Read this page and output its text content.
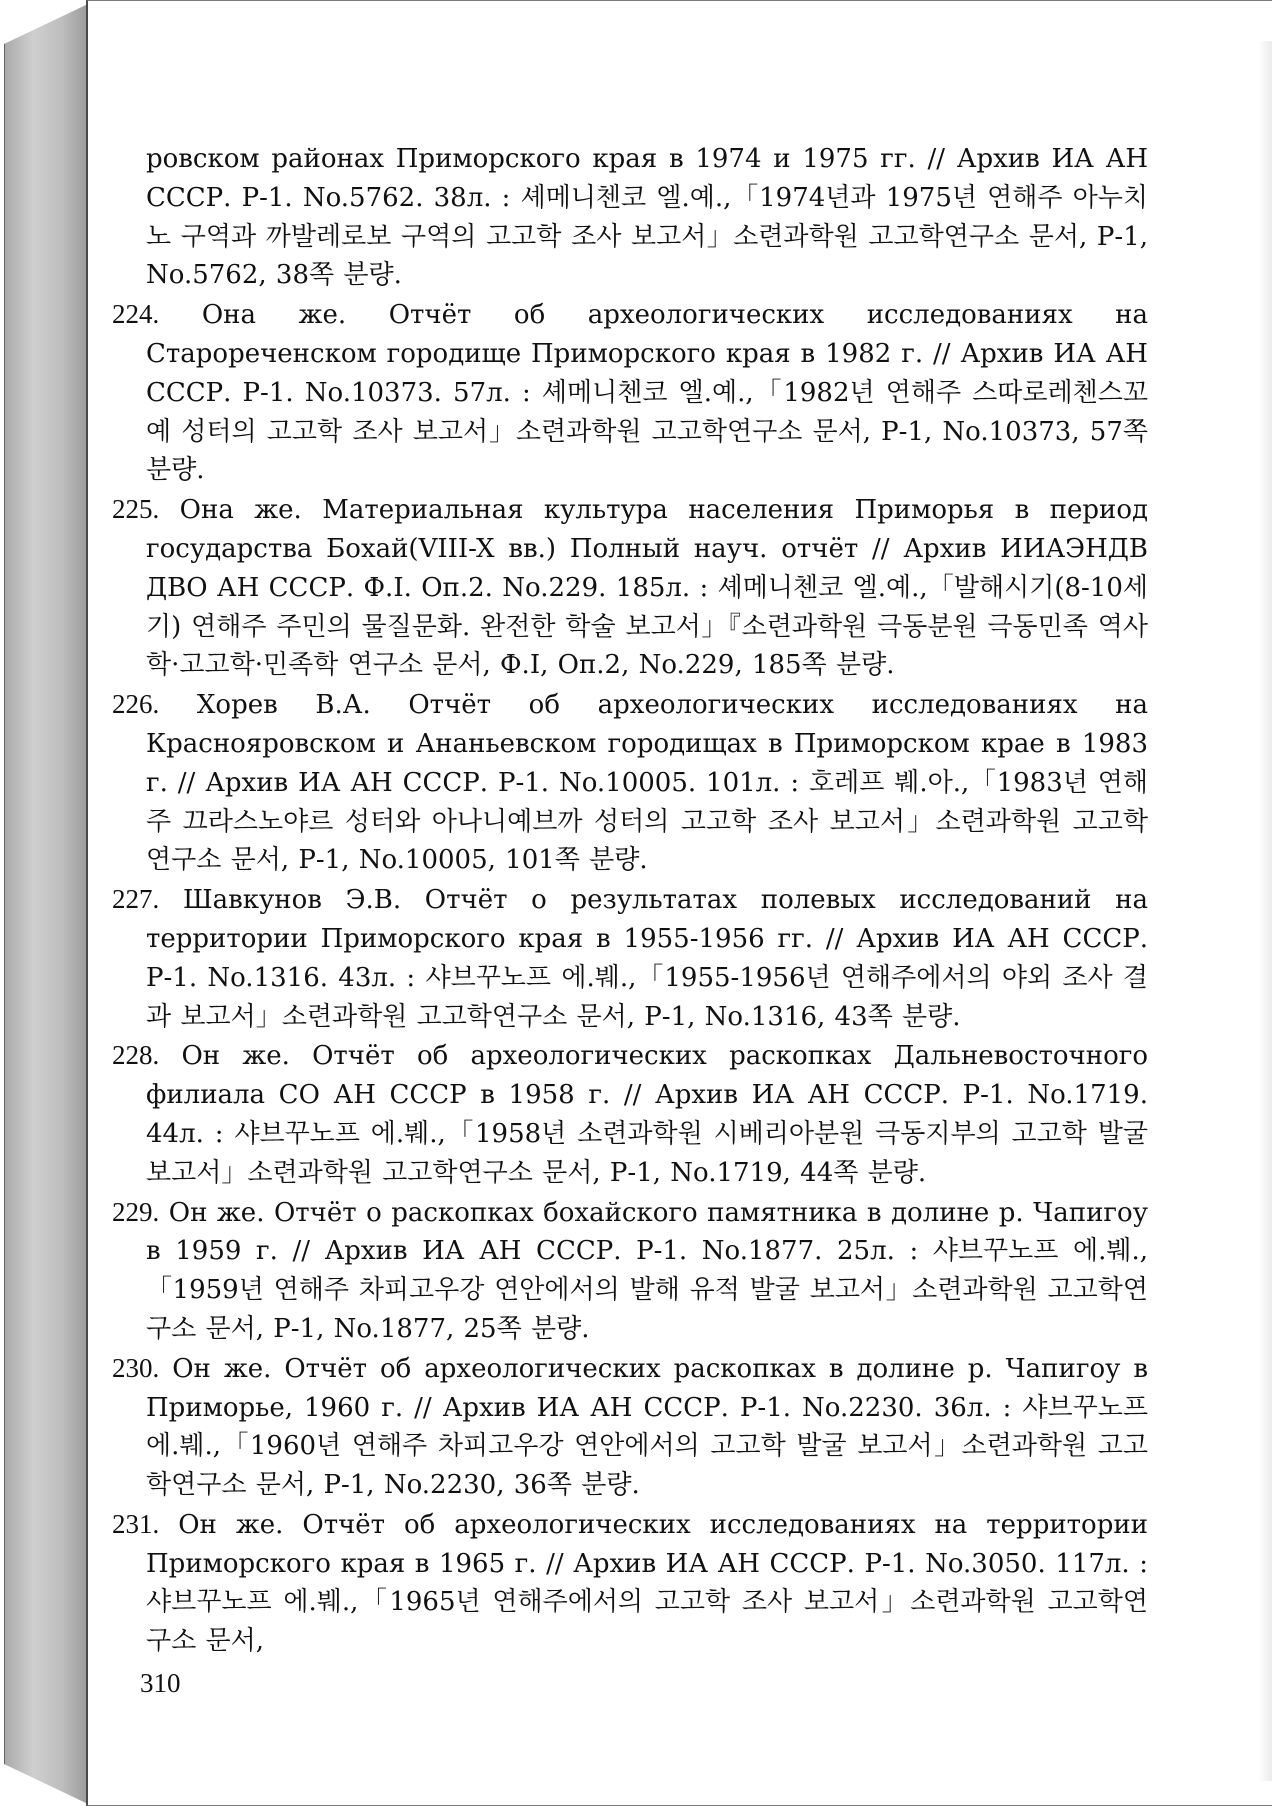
ровском районах Приморского края в 1974 и 1975 гг. // Архив ИА АН СССР. Р-1. No.5762. 38л. : 셰메니첸코 엘.예.,「1974년과 1975년 연해주 아누치노 구역과 까발레로보 구역의 고고학 조사 보고서」소련과학원 고고학연구소 문서, Р-1, No.5762, 38쪽 분량.

224. Она же. Отчёт об археологических исследованиях на Старореченском городище Приморского края в 1982 г. // Архив ИА АН СССР. Р-1. No.10373. 57л. : 셰메니첸코 엘.예.,「1982년 연해주 스따로레첸스꼬예 성터의 고고학 조사 보고서」소련과학원 고고학연구소 문서, Р-1, No.10373, 57쪽 분량.

225. Она же. Материальная культура населения Приморья в период государства Бохай(VIII-X вв.) Полный науч. отчёт // Архив ИИАЭНДВ ДВО АН СССР. Ф.I. Оп.2. No.229. 185л. : 셰메니첸코 엘.예.,「발해시기(8-10세기) 연해주 주민의 물질문화. 완전한 학술 보고서」『소련과학원 극동분원 극동민족 역사학·고고학·민족학 연구소 문서, Ф.I, Оп.2, No.229, 185쪽 분량.

226. Хорев В.А. Отчёт об археологических исследованиях на Краснояровском и Ананьевском городищах в Приморском крае в 1983 г. // Архив ИА АН СССР. Р-1. No.10005. 101л. : 호레프 붸.아.,「1983년 연해주 끄라스노야르 성터와 아나니예브까 성터의 고고학 조사 보고서」소련과학원 고고학연구소 문서, Р-1, No.10005, 101쪽 분량.

227. Шавкунов Э.В. Отчёт о результатах полевых исследований на территории Приморского края в 1955-1956 гг. // Архив ИА АН СССР. Р-1. No.1316. 43л. : 샤브꾸노프 에.붸.,「1955-1956년 연해주에서의 야외 조사 결과 보고서」소련과학원 고고학연구소 문서, Р-1, No.1316, 43쪽 분량.

228. Он же. Отчёт об археологических раскопках Дальневосточного филиала СО АН СССР в 1958 г. // Архив ИА АН СССР. Р-1. No.1719. 44л. : 샤브꾸노프 에.붸.,「1958년 소련과학원 시베리아분원 극동지부의 고고학 발굴 보고서」소련과학원 고고학연구소 문서, Р-1, No.1719, 44쪽 분량.

229. Он же. Отчёт о раскопках бохайского памятника в долине р. Чапигоу в 1959 г. // Архив ИА АН СССР. Р-1. No.1877. 25л. : 샤브꾸노프 에.붸.,「1959년 연해주 차피고우강 연안에서의 발해 유적 발굴 보고서」소련과학원 고고학연구소 문서, Р-1, No.1877, 25쪽 분량.

230. Он же. Отчёт об археологических раскопках в долине р. Чапигоу в Приморье, 1960 г. // Архив ИА АН СССР. Р-1. No.2230. 36л. : 샤브꾸노프 에.붸.,「1960년 연해주 차피고우강 연안에서의 고고학 발굴 보고서」소련과학원 고고학연구소 문서, Р-1, No.2230, 36쪽 분량.

231. Он же. Отчёт об археологических исследованиях на территории Приморского края в 1965 г. // Архив ИА АН СССР. Р-1. No.3050. 117л. : 샤브꾸노프 에.붸.,「1965년 연해주에서의 고고학 조사 보고서」소련과학원 고고학연구소 문서,

310
